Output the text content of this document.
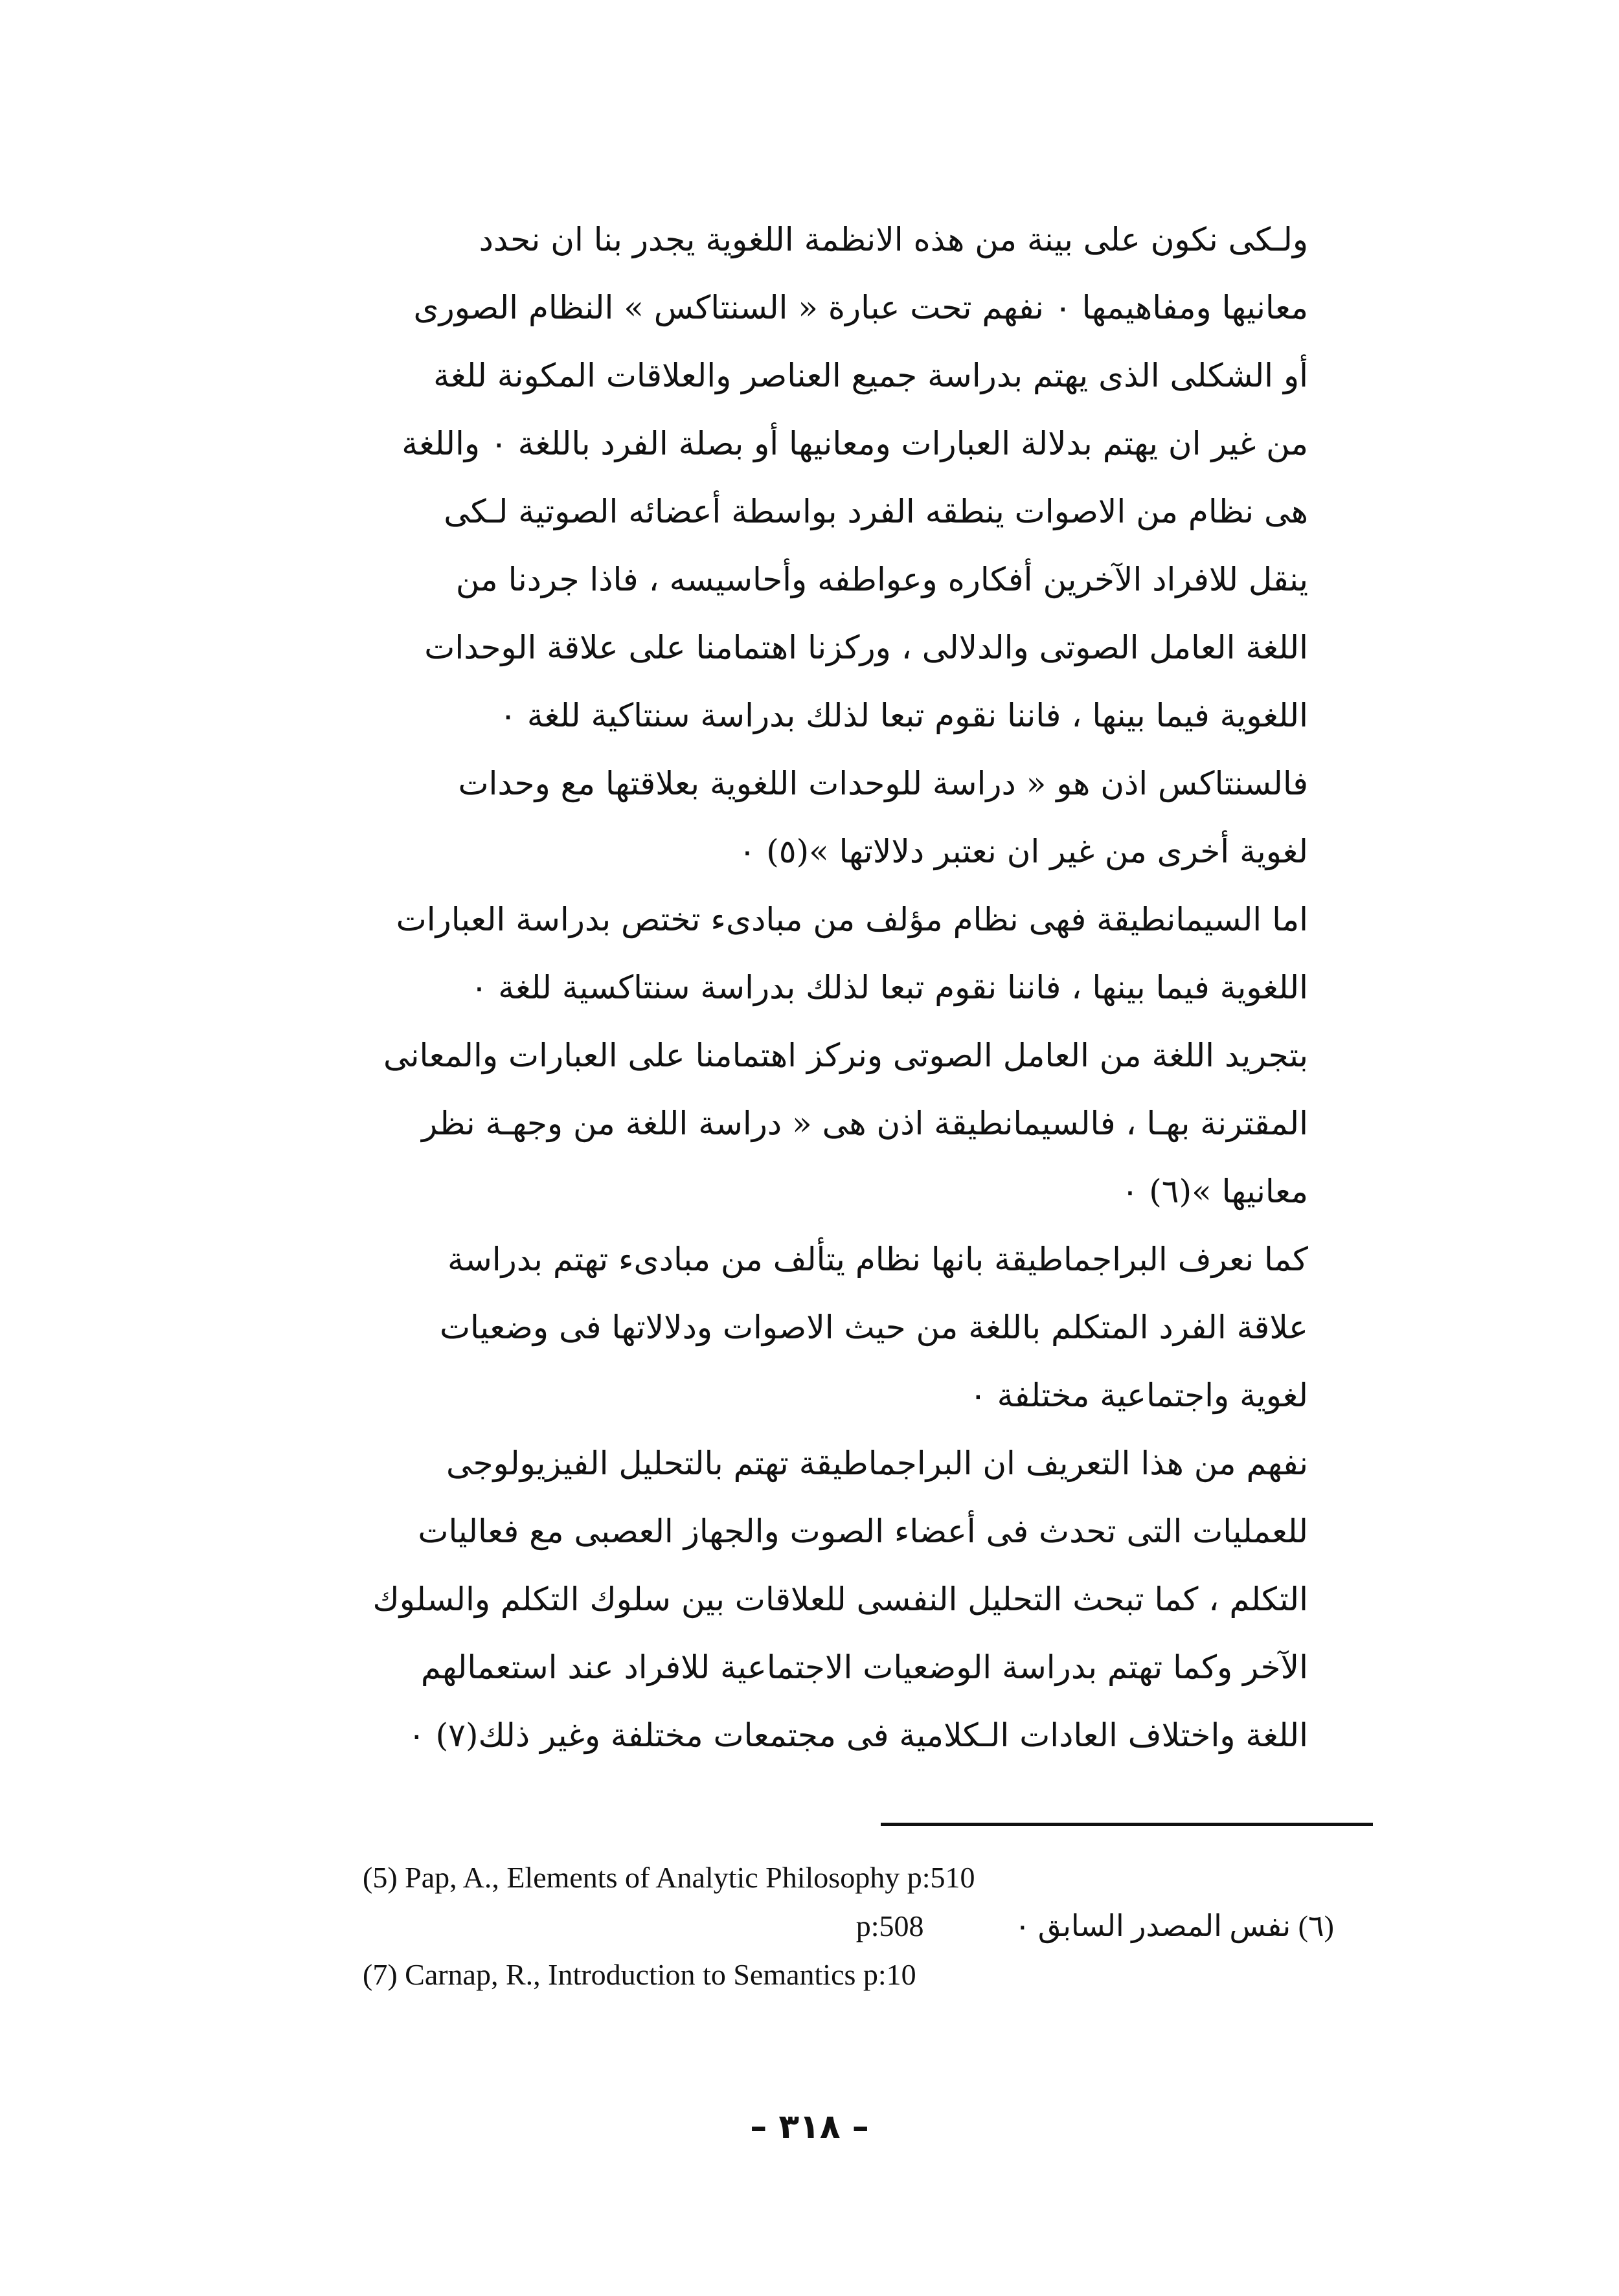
ولـكى نكون على بينة من هذه الانظمة اللغوية يجدر بنا ان نحدد
معانيها ومفاهيمها ٠ نفهم تحت عبارة « السنتاكس » النظام الصورى
أو الشكلى الذى يهتم بدراسة جميع العناصر والعلاقات المكونة للغة
من غير ان يهتم بدلالة العبارات ومعانيها أو بصلة الفرد باللغة ٠ واللغة
هى نظام من الاصوات ينطقه الفرد بواسطة أعضائه الصوتية لـكى
ينقل للافراد الآخرين أفكاره وعواطفه وأحاسيسه ، فاذا جردنا من
اللغة العامل الصوتى والدلالى ، وركزنا اهتمامنا على علاقة الوحدات
اللغوية فيما بينها ، فاننا نقوم تبعا لذلك بدراسة سنتاكية للغة ٠
فالسنتاكس اذن هو « دراسة للوحدات اللغوية بعلاقتها مع وحدات
لغوية أخرى من غير ان نعتبر دلالاتها »(٥) ٠
اما السيمانطيقة فهى نظام مؤلف من مبادىء تختص بدراسة العبارات
اللغوية فيما بينها ، فاننا نقوم تبعا لذلك بدراسة سنتاكسية للغة ٠
بتجريد اللغة من العامل الصوتى ونركز اهتمامنا على العبارات والمعانى
المقترنة بهـا ، فالسيمانطيقة اذن هى « دراسة اللغة من وجهـة نظر
معانيها »(٦) ٠
كما نعرف البراجماطيقة بانها نظام يتألف من مبادىء تهتم بدراسة
علاقة الفرد المتكلم باللغة من حيث الاصوات ودلالاتها فى وضعيات
لغوية واجتماعية مختلفة ٠
نفهم من هذا التعريف ان البراجماطيقة تهتم بالتحليل الفيزيولوجى
للعمليات التى تحدث فى أعضاء الصوت والجهاز العصبى مع فعاليات
التكلم ، كما تبحث التحليل النفسى للعلاقات بين سلوك التكلم والسلوك
الآخر وكما تهتم بدراسة الوضعيات الاجتماعية للافراد عند استعمالهم
اللغة واختلاف العادات الـكلامية فى مجتمعات مختلفة وغير ذلك(٧) ٠
(5) Pap, A., Elements of Analytic Philosophy p:510
p:508	(٦) نفس المصدر السابق ٠
(7) Carnap, R., Introduction to Semantics p:10
– ٣١٨ –
